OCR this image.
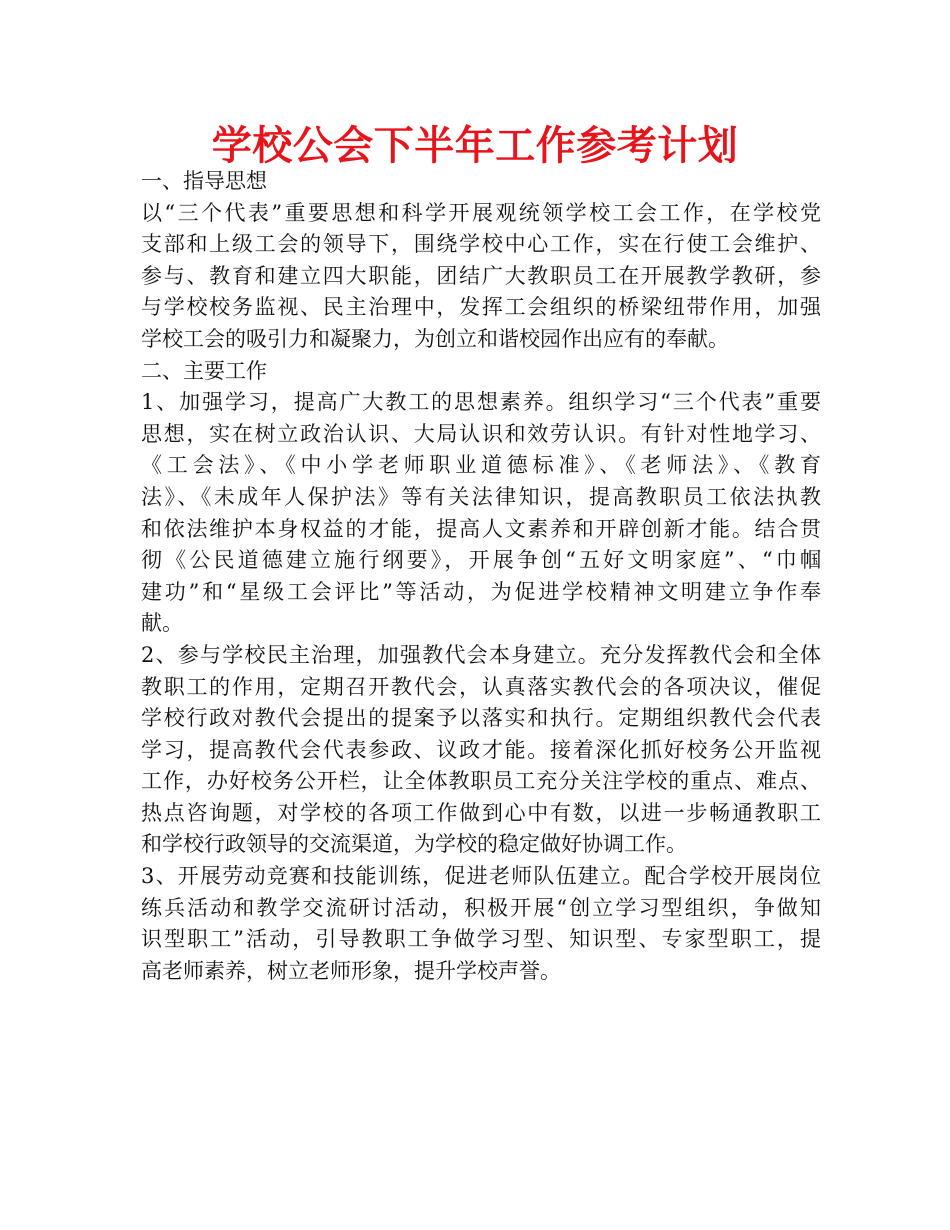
学校公会下半年工作参考计划
一、指导思想
以“三个代表”重要思想和科学开展观统领学校工会工作，在学校党
支部和上级工会的领导下，围绕学校中心工作，实在行使工会维护、
参与、教育和建立四大职能，团结广大教职员工在开展教学教研，参
与学校校务监视、民主治理中，发挥工会组织的桥梁纽带作用，加强
学校工会的吸引力和凝聚力，为创立和谐校园作出应有的奉献。
二、主要工作
1、加强学习，提高广大教工的思想素养。组织学习“三个代表”重要
思想，实在树立政治认识、大局认识和效劳认识。有针对性地学习、
《工会法》、《中小学老师职业道德标准》、《老师法》、《教育
法》、《未成年人保护法》等有关法律知识，提高教职员工依法执教
和依法维护本身权益的才能，提高人文素养和开辟创新才能。结合贯
彻《公民道德建立施行纲要》，开展争创“五好文明家庭”、“巾帼
建功”和“星级工会评比”等活动，为促进学校精神文明建立争作奉
献。
2、参与学校民主治理，加强教代会本身建立。充分发挥教代会和全体
教职工的作用，定期召开教代会，认真落实教代会的各项决议，催促
学校行政对教代会提出的提案予以落实和执行。定期组织教代会代表
学习，提高教代会代表参政、议政才能。接着深化抓好校务公开监视
工作，办好校务公开栏，让全体教职员工充分关注学校的重点、难点、
热点咨询题，对学校的各项工作做到心中有数，以进一步畅通教职工
和学校行政领导的交流渠道，为学校的稳定做好协调工作。
3、开展劳动竞赛和技能训练，促进老师队伍建立。配合学校开展岗位
练兵活动和教学交流研讨活动，积极开展“创立学习型组织，争做知
识型职工”活动，引导教职工争做学习型、知识型、专家型职工，提
高老师素养，树立老师形象，提升学校声誉。
